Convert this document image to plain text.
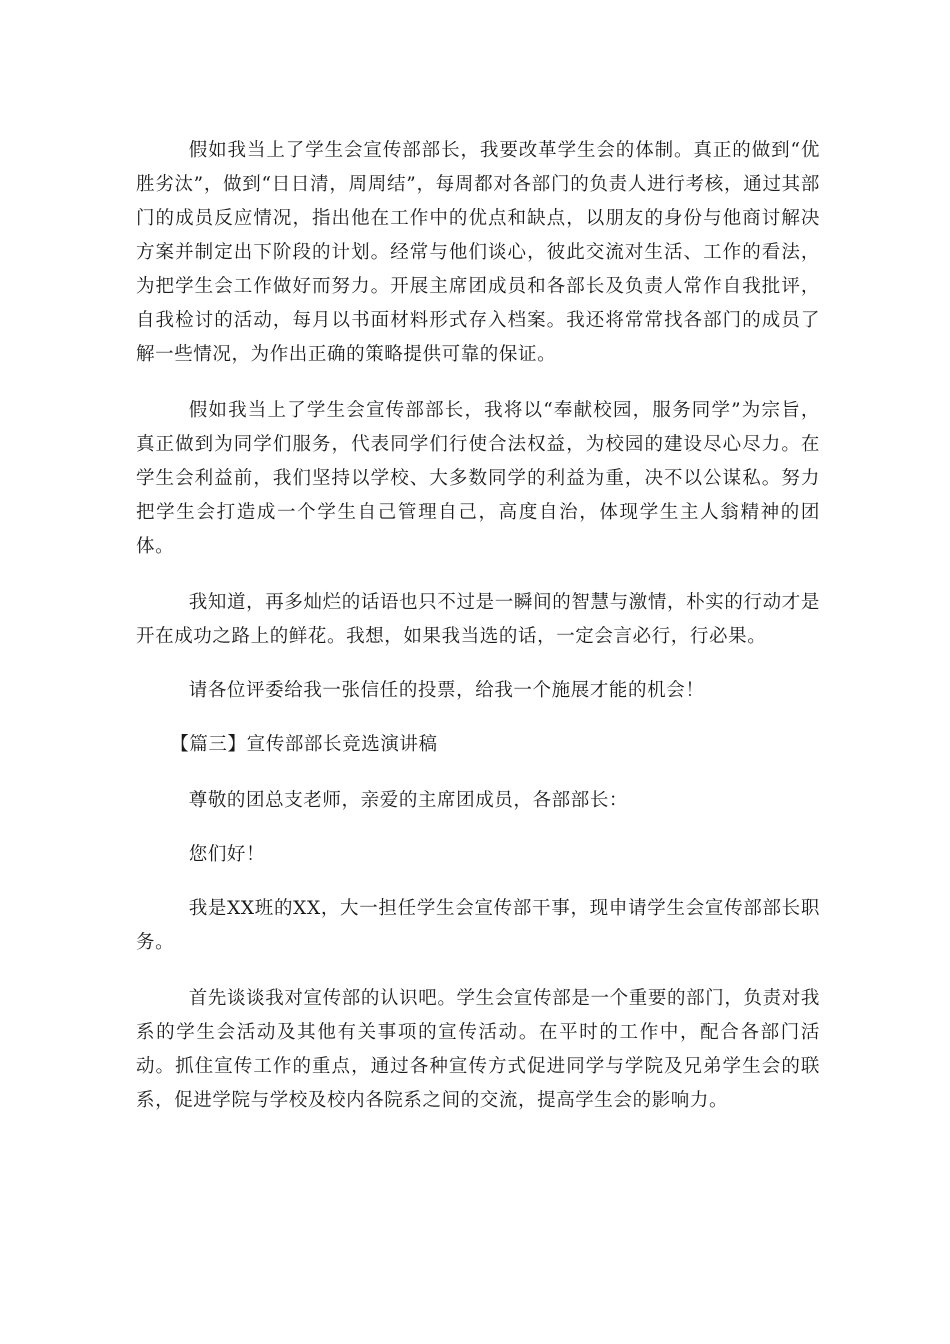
假如我当上了学生会宣传部部长，我要改革学生会的体制。真正的做到“优胜劣汰”，做到“日日清，周周结”，每周都对各部门的负责人进行考核，通过其部门的成员反应情况，指出他在工作中的优点和缺点，以朋友的身份与他商讨解决方案并制定出下阶段的计划。经常与他们谈心，彼此交流对生活、工作的看法，为把学生会工作做好而努力。开展主席团成员和各部长及负责人常作自我批评，自我检讨的活动，每月以书面材料形式存入档案。我还将常常找各部门的成员了解一些情况，为作出正确的策略提供可靠的保证。

假如我当上了学生会宣传部部长，我将以“奉献校园，服务同学”为宗旨，真正做到为同学们服务，代表同学们行使合法权益，为校园的建设尽心尽力。在学生会利益前，我们坚持以学校、大多数同学的利益为重，决不以公谋私。努力把学生会打造成一个学生自己管理自己，高度自治，体现学生主人翁精神的团体。

我知道，再多灿烂的话语也只不过是一瞬间的智慧与激情，朴实的行动才是开在成功之路上的鲜花。我想，如果我当选的话，一定会言必行，行必果。

请各位评委给我一张信任的投票，给我一个施展才能的机会！

【篇三】宣传部部长竞选演讲稿

尊敬的团总支老师，亲爱的主席团成员，各部部长：

您们好！

我是XX班的XX，大一担任学生会宣传部干事，现申请学生会宣传部部长职务。

首先谈谈我对宣传部的认识吧。学生会宣传部是一个重要的部门，负责对我系的学生会活动及其他有关事项的宣传活动。在平时的工作中，配合各部门活动。抓住宣传工作的重点，通过各种宣传方式促进同学与学院及兄弟学生会的联系，促进学院与学校及校内各院系之间的交流，提高学生会的影响力。
